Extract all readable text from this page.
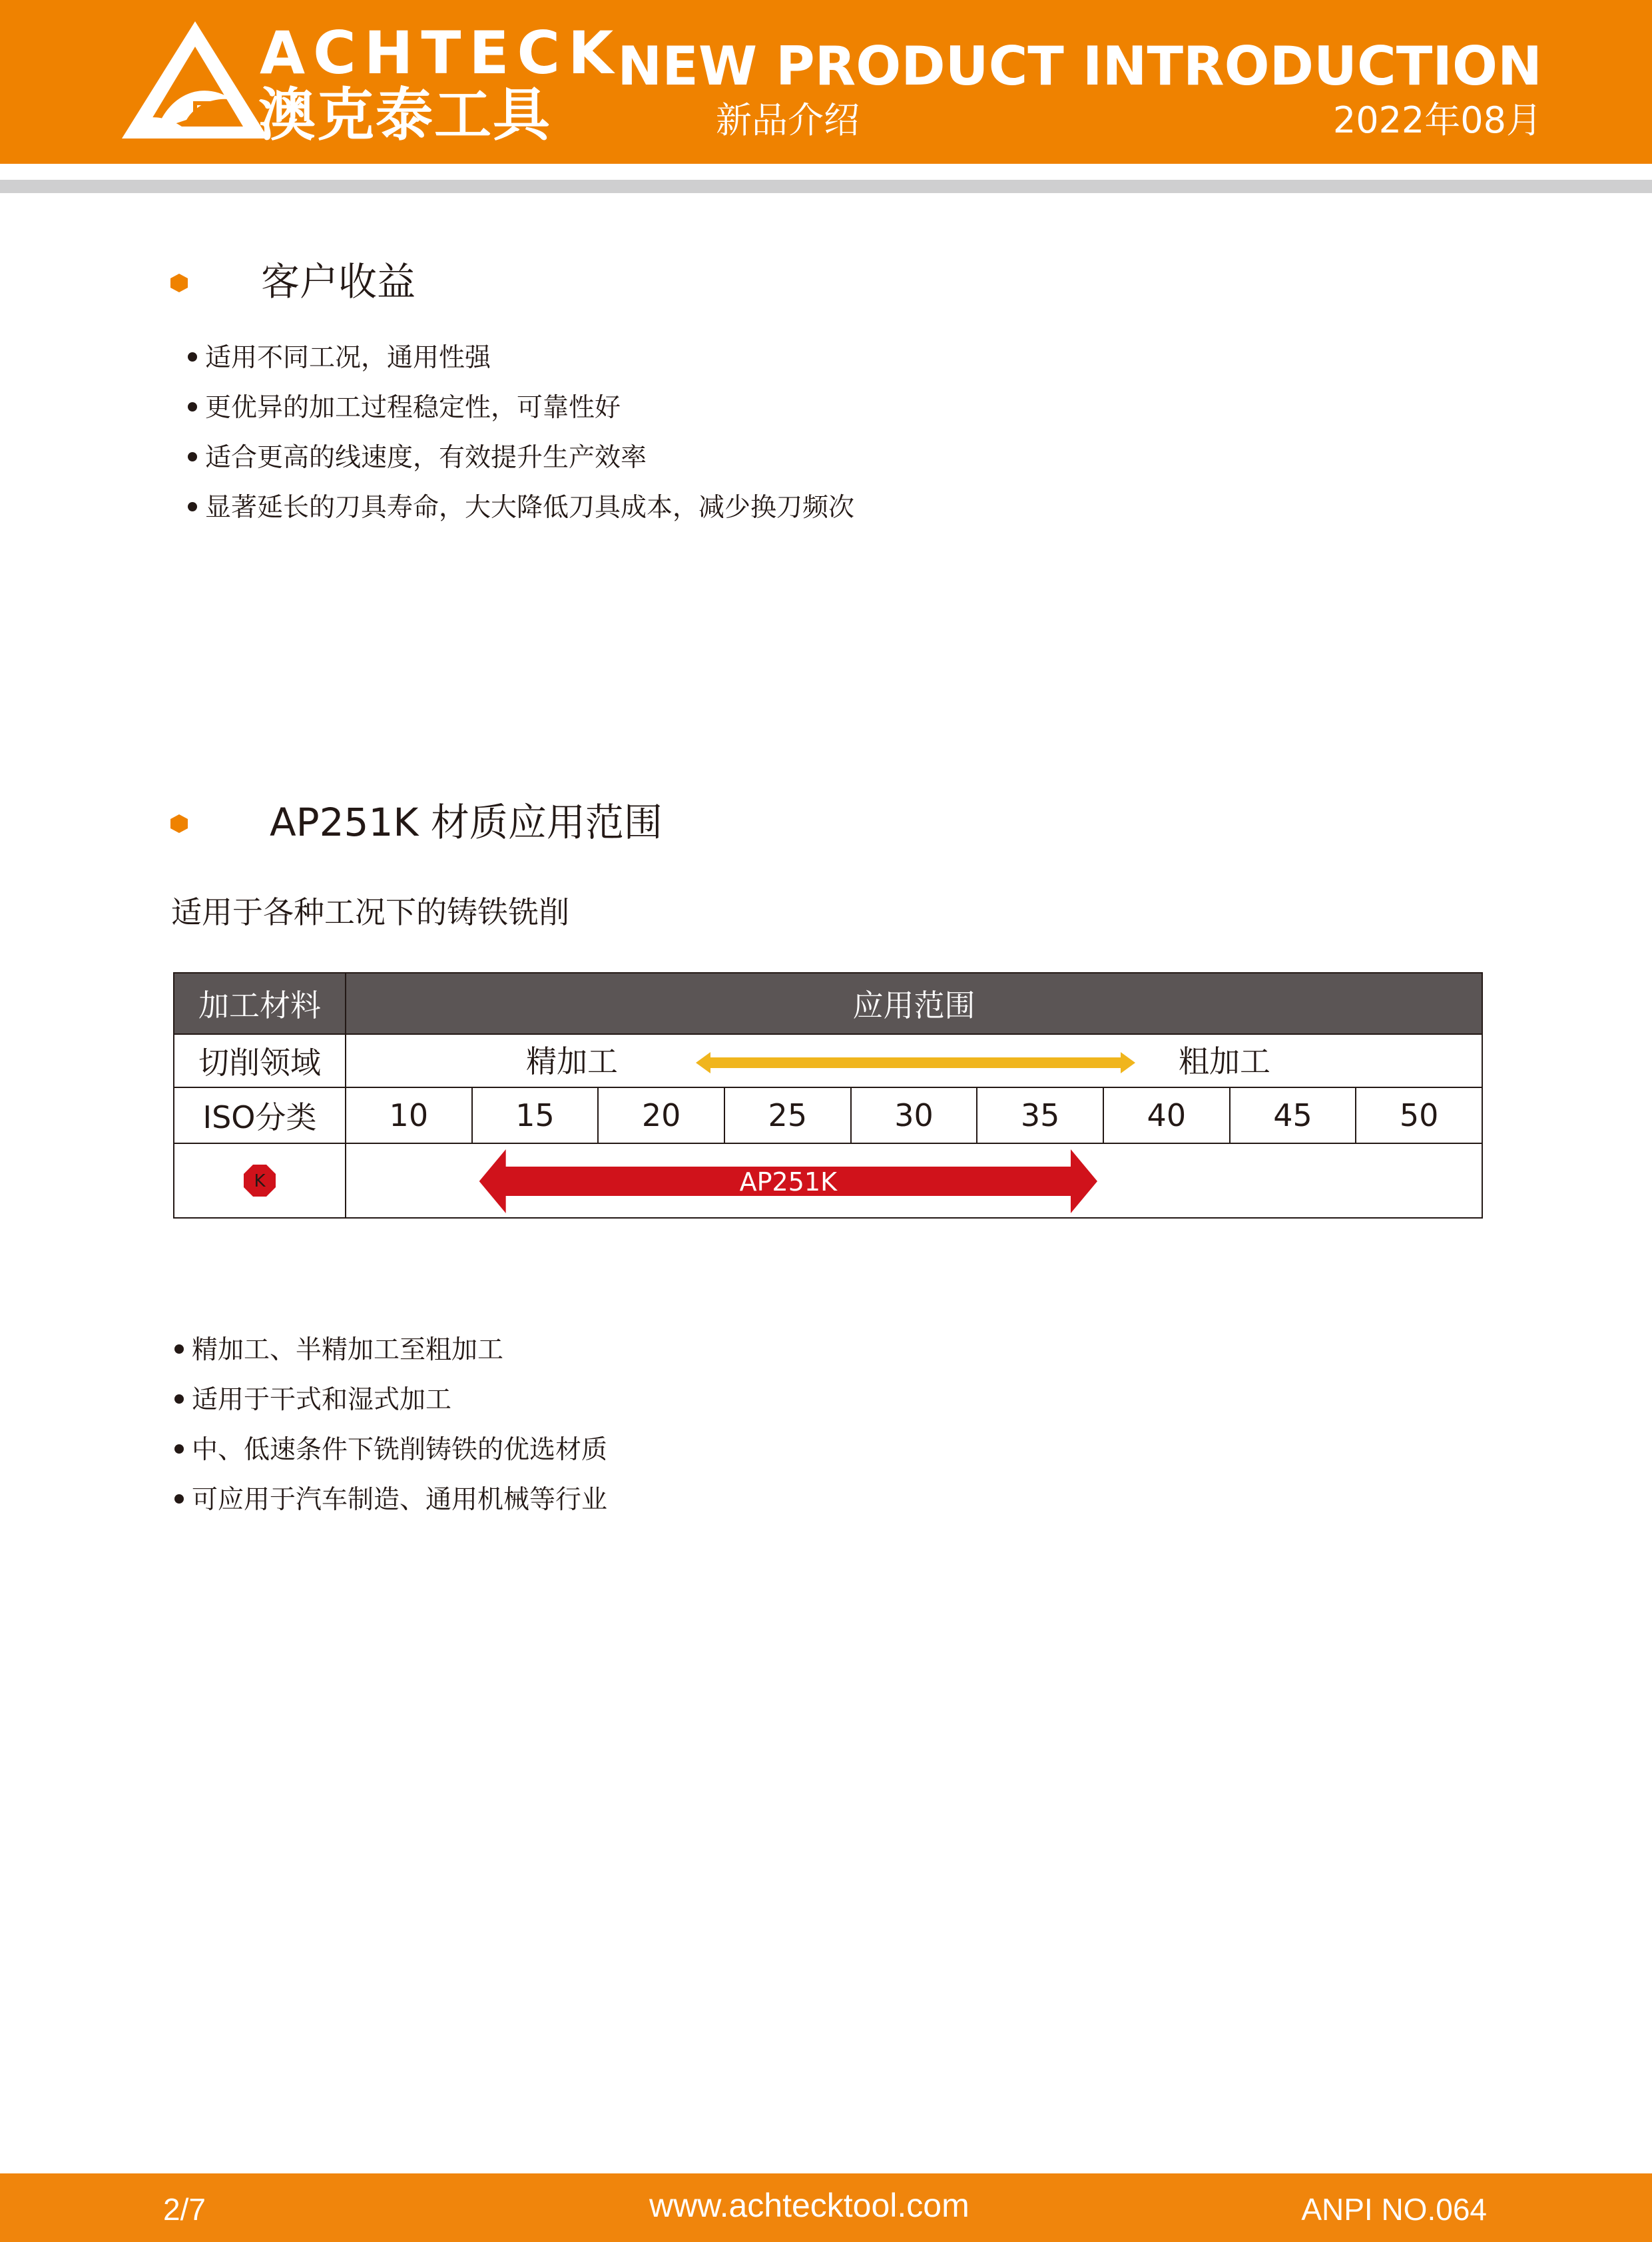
ACHTECK
澳克泰工具
NEW PRODUCT INTRODUCTION
新品介绍	2022年08月
客户收益
适用不同工况，通用性强
更优异的加工过程稳定性，可靠性好
适合更高的线速度，有效提升生产效率
显著延长的刀具寿命，大大降低刀具成本，减少换刀频次
AP251K 材质应用范围
适用于各种工况下的铸铁铣削
加工材料	应用范围
切削领域	精加工	粗加工
ISO分类	10	15	20	25	30	35	40	45	50
K	AP251K
精加工、半精加工至粗加工
适用于干式和湿式加工
中、低速条件下铣削铸铁的优选材质
可应用于汽车制造、通用机械等行业
2/7	www.achtecktool.com	ANPI NO.064
